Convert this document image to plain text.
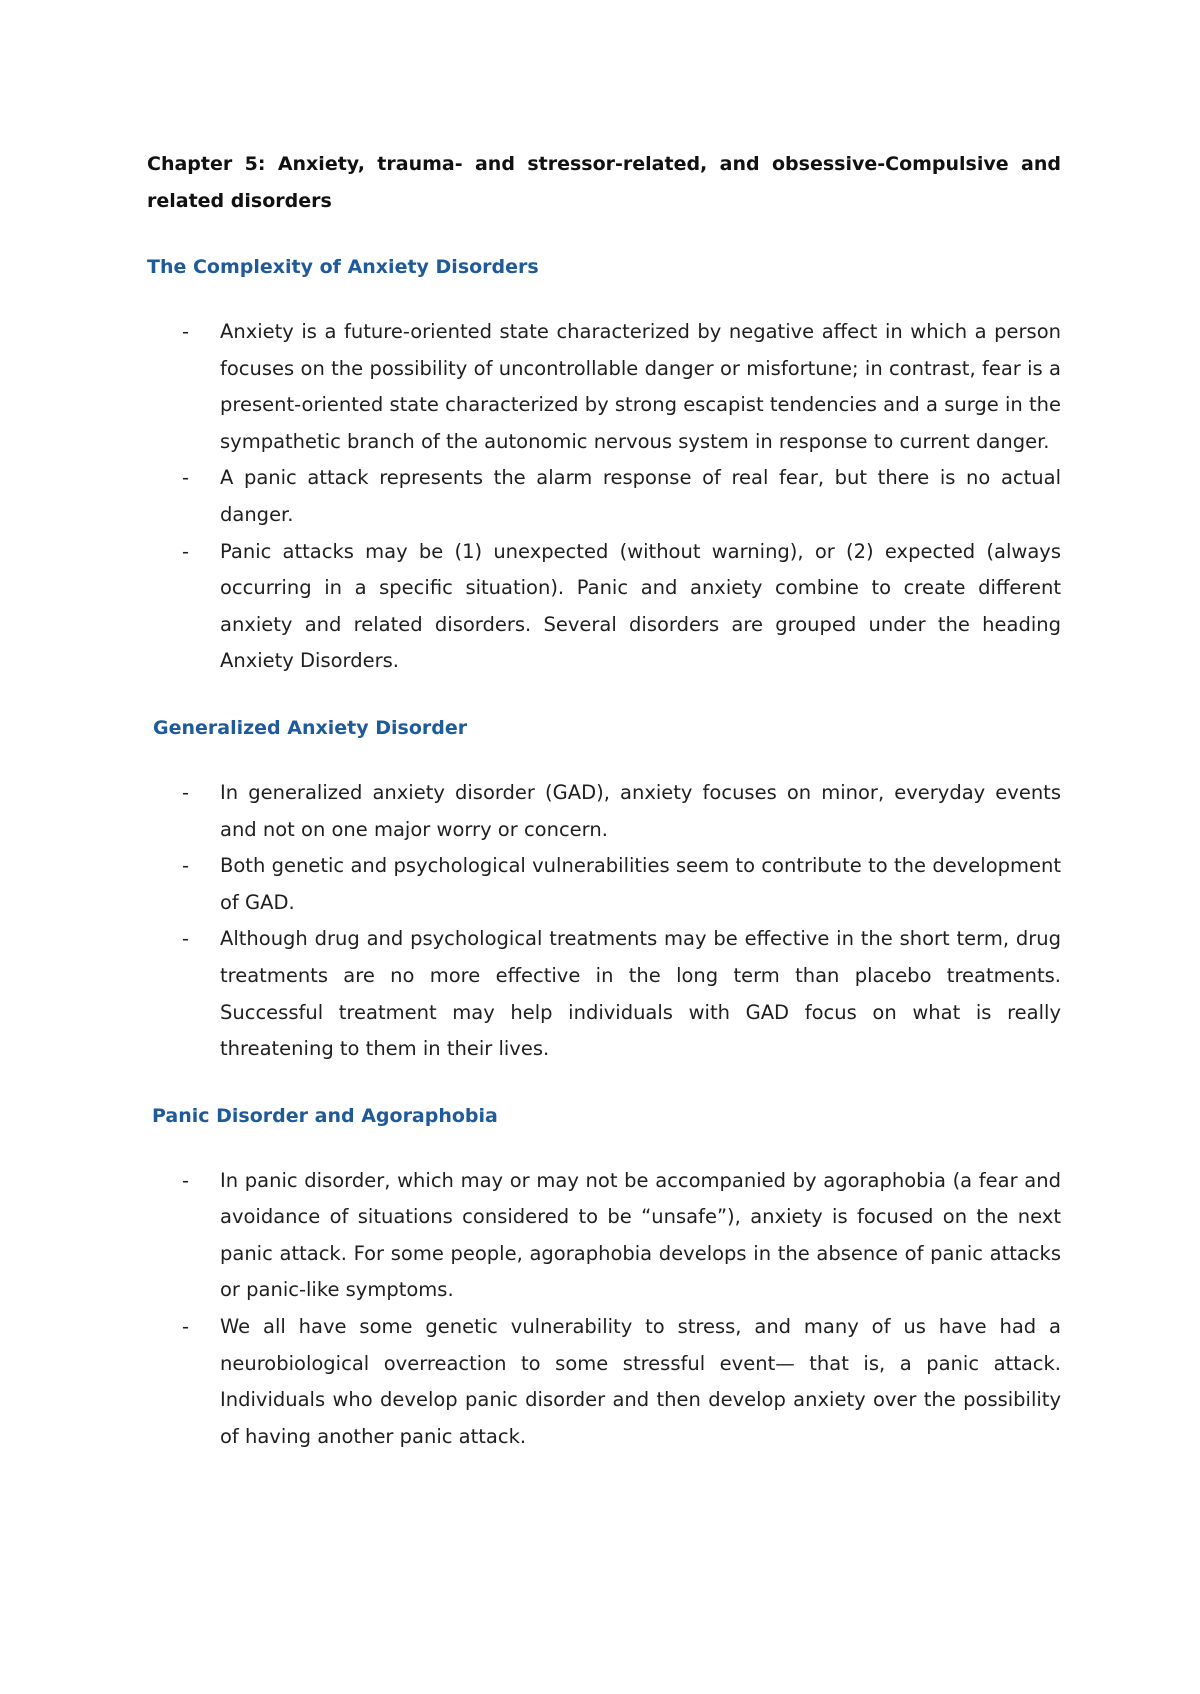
Chapter 5: Anxiety, trauma- and stressor-related, and obsessive-Compulsive and related disorders
The Complexity of Anxiety Disorders
-	Anxiety is a future-oriented state characterized by negative affect in which a person focuses on the possibility of uncontrollable danger or misfortune; in contrast, fear is a present-oriented state characterized by strong escapist tendencies and a surge in the sympathetic branch of the autonomic nervous system in response to current danger.
-	A panic attack represents the alarm response of real fear, but there is no actual danger.
-	Panic attacks may be (1) unexpected (without warning), or (2) expected (always occurring in a specific situation). Panic and anxiety combine to create different anxiety and related disorders. Several disorders are grouped under the heading Anxiety Disorders.
Generalized Anxiety Disorder
-	In generalized anxiety disorder (GAD), anxiety focuses on minor, everyday events and not on one major worry or concern.
-	Both genetic and psychological vulnerabilities seem to contribute to the development of GAD.
-	Although drug and psychological treatments may be effective in the short term, drug treatments are no more effective in the long term than placebo treatments. Successful treatment may help individuals with GAD focus on what is really threatening to them in their lives.
Panic Disorder and Agoraphobia
-	In panic disorder, which may or may not be accompanied by agoraphobia (a fear and avoidance of situations considered to be “unsafe”), anxiety is focused on the next panic attack. For some people, agoraphobia develops in the absence of panic attacks or panic-like symptoms.
-	We all have some genetic vulnerability to stress, and many of us have had a neurobiological overreaction to some stressful event— that is, a panic attack. Individuals who develop panic disorder and then develop anxiety over the possibility of having another panic attack.
